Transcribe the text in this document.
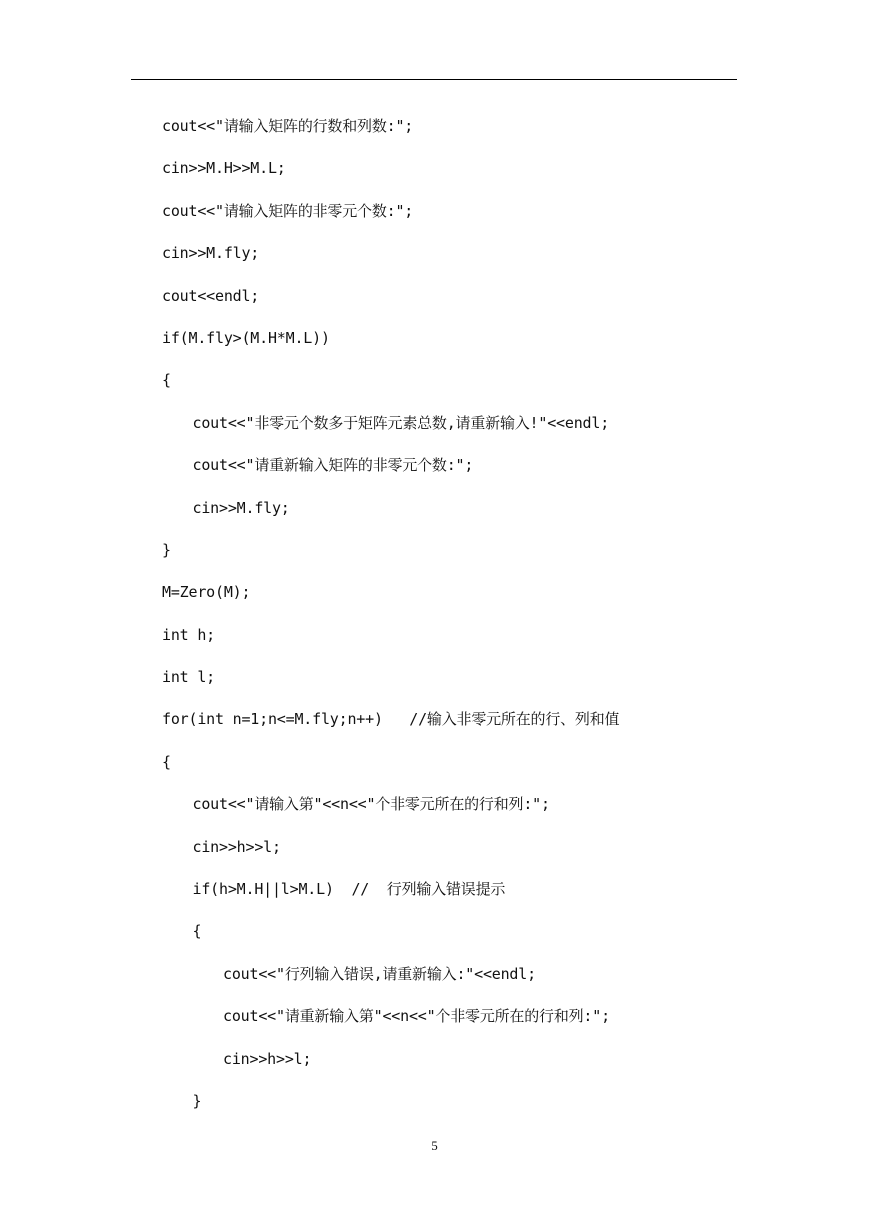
cout<<"请输入矩阵的行数和列数:";
cin>>M.H>>M.L;
cout<<"请输入矩阵的非零元个数:";
cin>>M.fly;
cout<<endl;
if(M.fly>(M.H*M.L))
{
cout<<"非零元个数多于矩阵元素总数,请重新输入!"<<endl;
cout<<"请重新输入矩阵的非零元个数:";
cin>>M.fly;
}
M=Zero(M);
int h;
int l;
for(int n=1;n<=M.fly;n++)   //输入非零元所在的行、列和值
{
cout<<"请输入第"<<n<<"个非零元所在的行和列:";
cin>>h>>l;
if(h>M.H||l>M.L)  //  行列输入错误提示
{
cout<<"行列输入错误,请重新输入:"<<endl;
cout<<"请重新输入第"<<n<<"个非零元所在的行和列:";
cin>>h>>l;
}
5
